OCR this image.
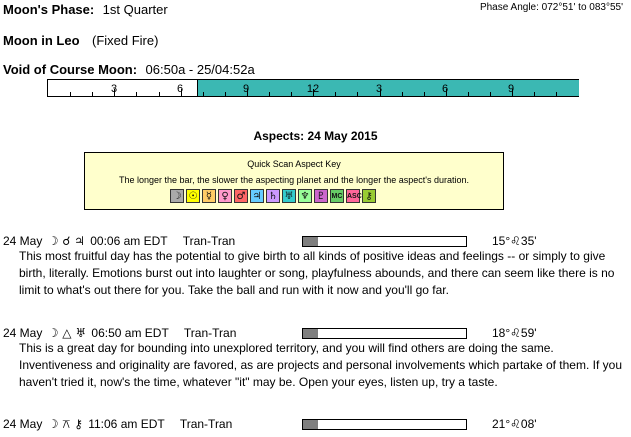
Moon's Phase: 1st Quarter	Phase Angle: 072°51' to 083°55'
Moon in Leo (Fixed Fire)
Void of Course Moon: 06:50a - 25/04:52a
3	6	9	12	3	6	9
Aspects: 24 May 2015
Quick Scan Aspect Key
The longer the bar, the slower the aspecting planet and the longer the aspect's duration.
☽ ☉ ☿ ♀ ♂ ♃ ♄ ♅ ♆ ♇ MC ASC ⚷
24 May ☽ ☌ ♃ 00:06 am EDT Tran-Tran	15°♌35'
This most fruitful day has the potential to give birth to all kinds of positive ideas and feelings -- or simply to give birth, literally. Emotions burst out into laughter or song, playfulness abounds, and there can seem like there is no limit to what's out there for you. Take the ball and run with it now and you'll go far.
24 May ☽ △ ♅ 06:50 am EDT Tran-Tran	18°♌59'
This is a great day for bounding into unexplored territory, and you will find others are doing the same. Inventiveness and originality are favored, as are projects and personal involvements which partake of them. If you haven't tried it, now's the time, whatever "it" may be. Open your eyes, listen up, try a taste.
24 May ☽ ⚻ ⚷ 11:06 am EDT Tran-Tran	21°♌08'
